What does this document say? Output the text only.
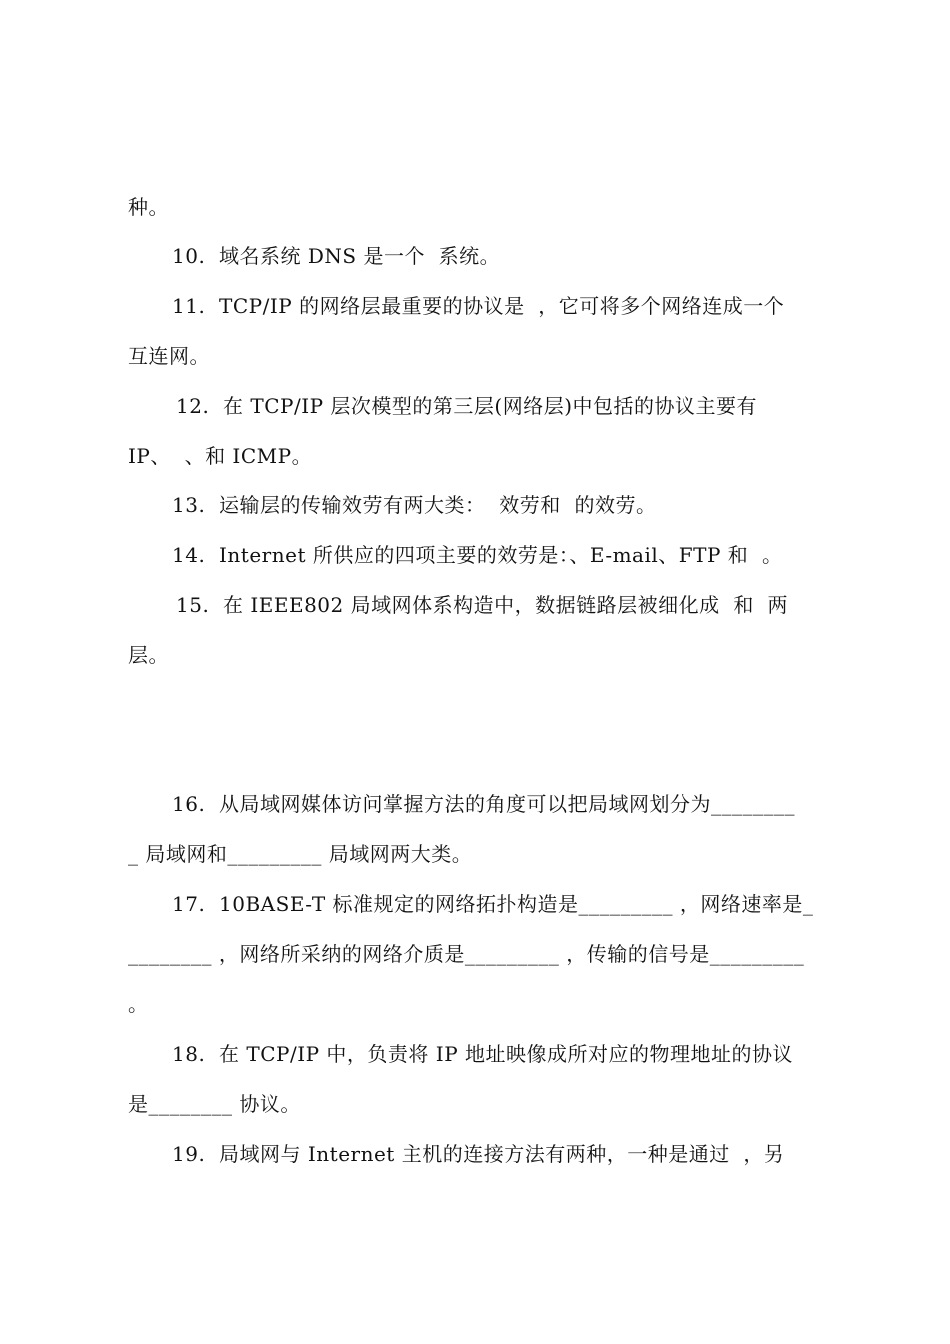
种。
10.  域名系统 DNS 是一个  系统。
11.  TCP/IP 的网络层最重要的协议是  ，它可将多个网络连成一个
互连网。
12.  在 TCP/IP 层次模型的第三层(网络层)中包括的协议主要有
IP、  、和 ICMP。
13.  运输层的传输效劳有两大类：  效劳和  的效劳。
14.  Internet 所供应的四项主要的效劳是：、E-mail、FTP 和  。
15.  在 IEEE802 局域网体系构造中，数据链路层被细化成  和  两
层。
16.  从局域网媒体访问掌握方法的角度可以把局域网划分为________
_ 局域网和_________ 局域网两大类。
17.  10BASE-T 标准规定的网络拓扑构造是_________ ，网络速率是_
________ ，网络所采纳的网络介质是_________ ，传输的信号是_________
。
18.  在 TCP/IP 中，负责将 IP 地址映像成所对应的物理地址的协议
是________ 协议。
19.  局域网与 Internet 主机的连接方法有两种，一种是通过  ，另
